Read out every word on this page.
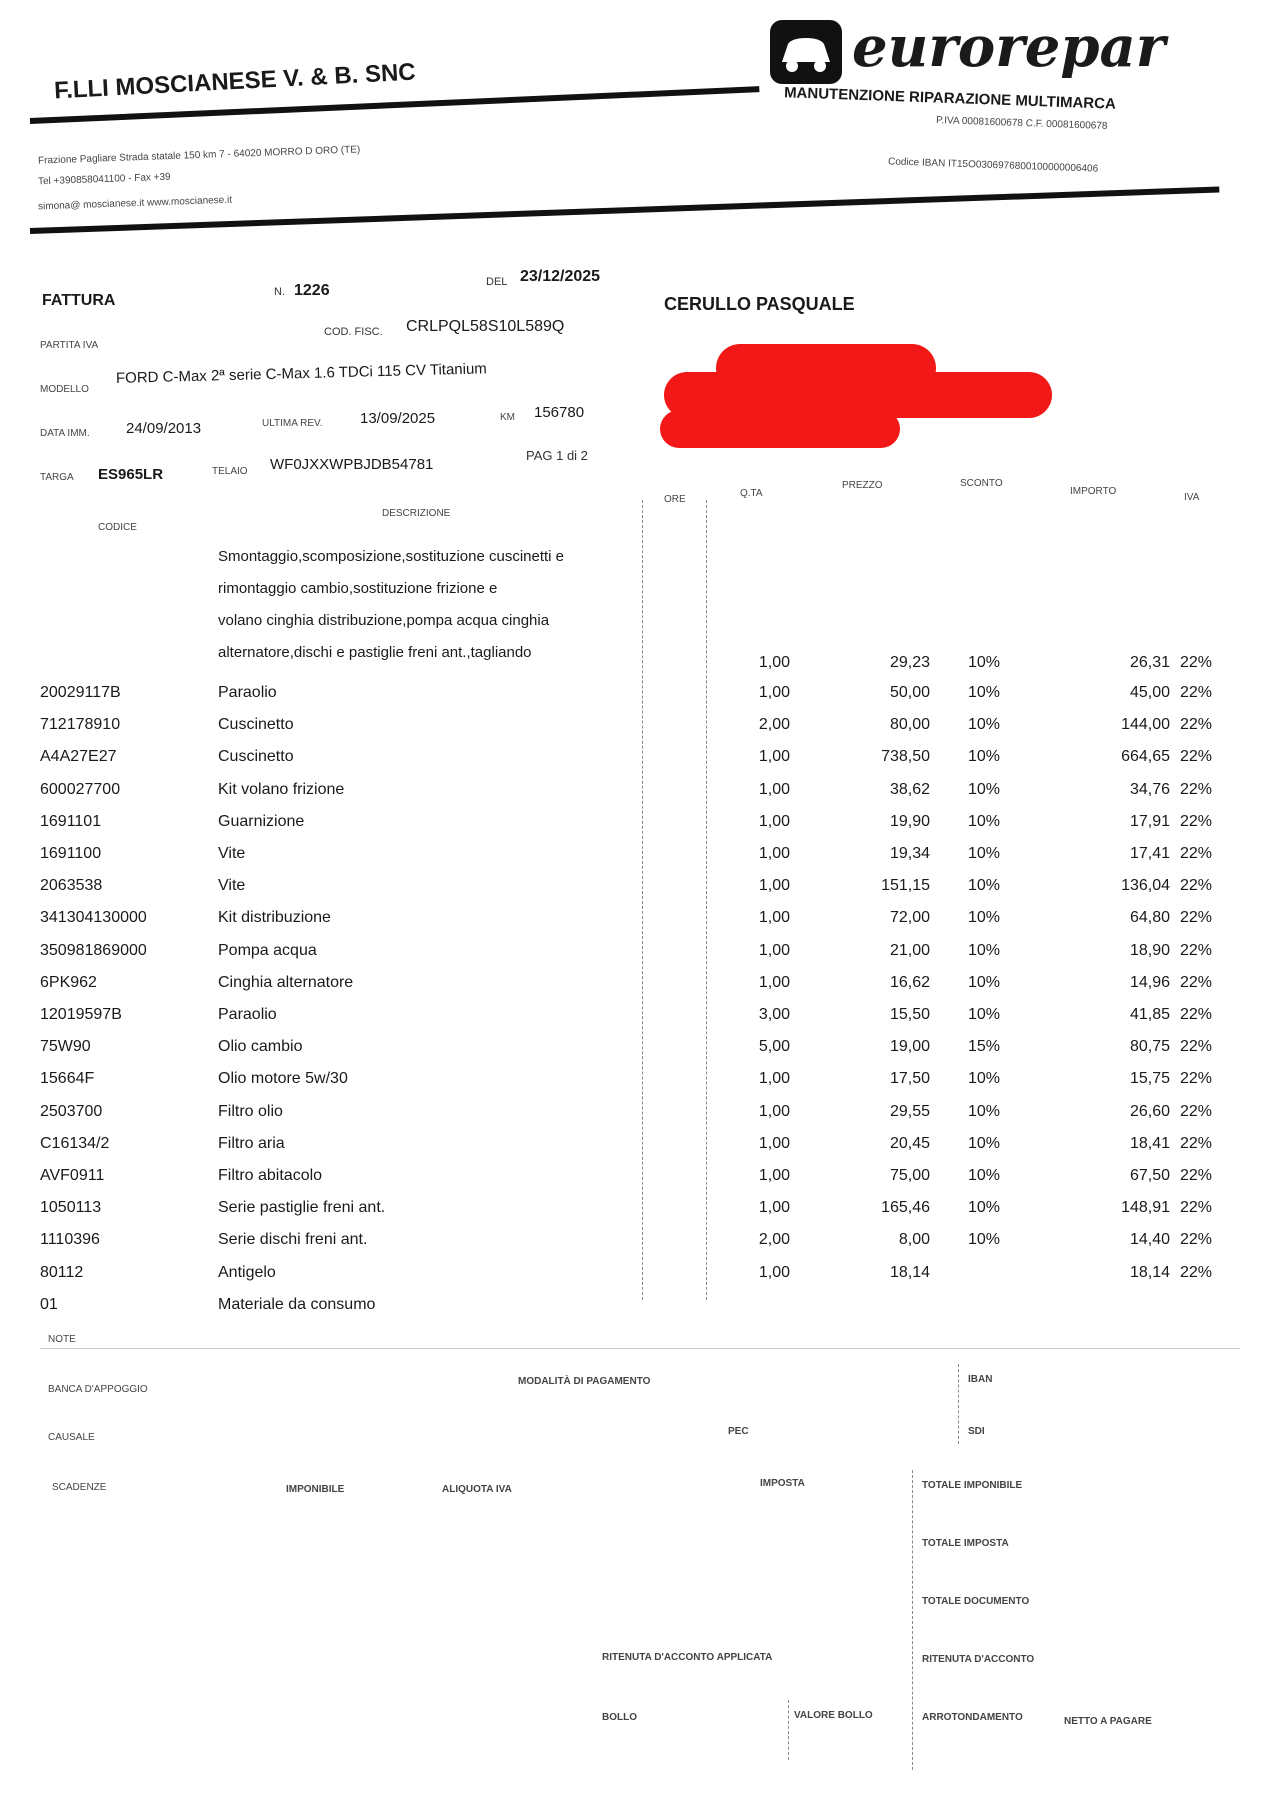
F.LLI MOSCIANESE V. & B. SNC
Frazione Pagliare Strada statale 150 km 7 - 64020 MORRO D ORO (TE)
Tel +390858041100 - Fax +39
simona@ moscianese.it www.moscianese.it
eurorepar
MANUTENZIONE RIPARAZIONE MULTIMARCA
P.IVA 00081600678 C.F. 00081600678
Codice IBAN IT15O0306976800100000006406
FATTURA	N. 1226	DEL 23/12/2025
PARTITA IVA
COD. FISC. CRLPQL58S10L589Q
MODELLO
FORD C-Max 2ª serie C-Max 1.6 TDCi 115 CV Titanium
DATA IMM. 24/09/2013	ULTIMA REV. 13/09/2025	KM 156780
TARGA ES965LR	TELAIO WF0JXXWPBJDB54781
PAG 1 di 2
CERULLO PASQUALE
CODICE
DESCRIZIONE
ORE
Q.TA
PREZZO	SCONTO
IMPORTO
IVA
Smontaggio,scomposizione,sostituzione cuscinetti e
rimontaggio cambio,sostituzione frizione e
volano cinghia distribuzione,pompa acqua cinghia
alternatore,dischi e pastiglie freni ant.,tagliando
1,00	29,23 10%	26,31 22%
20029117B	Paraolio	1,00	50,00 10%	45,00 22%
712178910	Cuscinetto	2,00	80,00 10%	144,00 22%
A4A27E27	Cuscinetto	1,00	738,50 10%	664,65 22%
600027700	Kit volano frizione	1,00	38,62 10%	34,76 22%
1691101	Guarnizione	1,00	19,90 10%	17,91 22%
1691100	Vite	1,00	19,34 10%	17,41 22%
2063538	Vite	1,00	151,15 10%	136,04 22%
341304130000	Kit distribuzione	1,00	72,00 10%	64,80 22%
350981869000	Pompa acqua	1,00	21,00 10%	18,90 22%
6PK962	Cinghia alternatore	1,00	16,62 10%	14,96 22%
12019597B	Paraolio	3,00	15,50 10%	41,85 22%
75W90	Olio cambio	5,00	19,00 15%	80,75 22%
15664F	Olio motore 5w/30	1,00	17,50 10%	15,75 22%
2503700	Filtro olio	1,00	29,55 10%	26,60 22%
C16134/2	Filtro aria	1,00	20,45 10%	18,41 22%
AVF0911	Filtro abitacolo	1,00	75,00 10%	67,50 22%
1050113	Serie pastiglie freni ant.	1,00	165,46 10%	148,91 22%
1110396	Serie dischi freni ant.	2,00	8,00 10%	14,40 22%
80112	Antigelo	1,00	18,14	18,14 22%
01	Materiale da consumo
NOTE
BANCA D'APPOGGIO
MODALITÀ DI PAGAMENTO	IBAN
CAUSALE
PEC	SDI
SCADENZE	IMPONIBILE	ALIQUOTA IVA
IMPOSTA	TOTALE IMPONIBILE
TOTALE IMPOSTA
TOTALE DOCUMENTO
RITENUTA D'ACCONTO APPLICATA	RITENUTA D'ACCONTO
BOLLO	VALORE BOLLO	ARROTONDAMENTO	NETTO A PAGARE
